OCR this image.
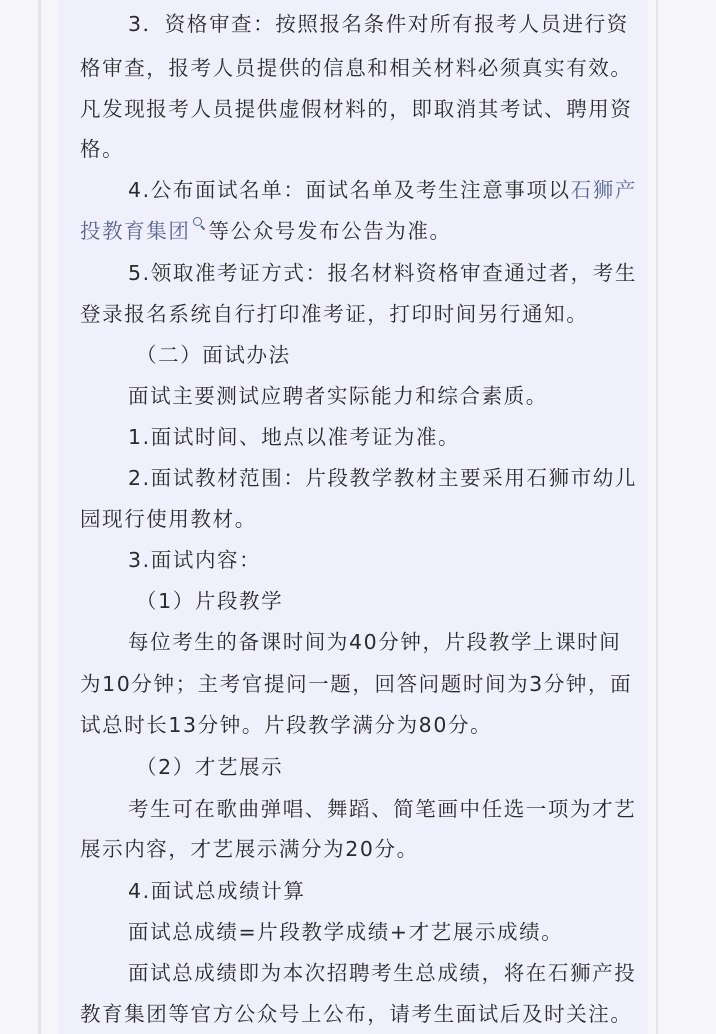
3．资格审查：按照报名条件对所有报考人员进行资
格审查，报考人员提供的信息和相关材料必须真实有效。
凡发现报考人员提供虚假材料的，即取消其考试、聘用资
格。
4.公布面试名单：面试名单及考生注意事项以石狮产
投教育集团 等公众号发布公告为准。
5.领取准考证方式：报名材料资格审查通过者，考生
登录报名系统自行打印准考证，打印时间另行通知。
（二）面试办法
面试主要测试应聘者实际能力和综合素质。
1.面试时间、地点以准考证为准。
2.面试教材范围：片段教学教材主要采用石狮市幼儿
园现行使用教材。
3.面试内容：
（1）片段教学
每位考生的备课时间为40分钟，片段教学上课时间
为10分钟；主考官提问一题，回答问题时间为3分钟，面
试总时长13分钟。片段教学满分为80分。
（2）才艺展示
考生可在歌曲弹唱、舞蹈、简笔画中任选一项为才艺
展示内容，才艺展示满分为20分。
4.面试总成绩计算
面试总成绩=片段教学成绩+才艺展示成绩。
面试总成绩即为本次招聘考生总成绩，将在石狮产投
教育集团等官方公众号上公布，请考生面试后及时关注。
